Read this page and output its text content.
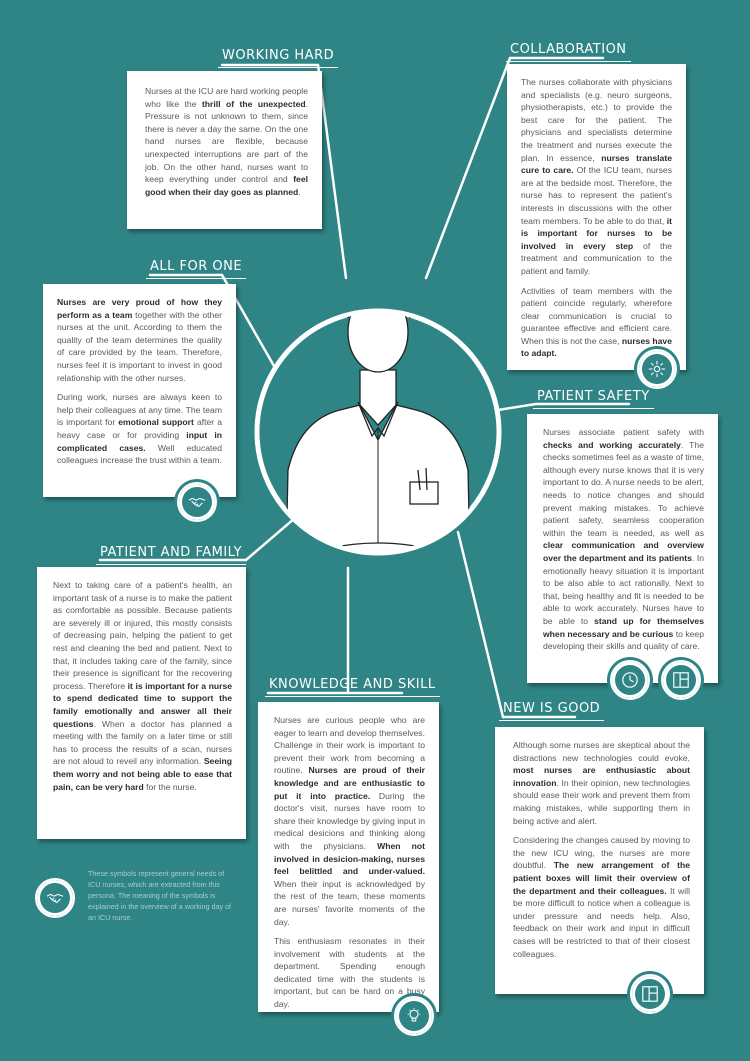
WORKING HARD

Nurses at the ICU are hard working people who like the thrill of the unexpected. Pressure is not unknown to them, since there is never a day the same. On the one hand nurses are flexible, because unexpected interruptions are part of the job. On the other hand, nurses want to keep everything under control and feel good when their day goes as planned.

COLLABORATION

The nurses collaborate with physicians and specialists (e.g. neuro surgeons, physiotherapists, etc.) to provide the best care for the patient. The physicians and specialists determine the treatment and nurses execute the plan. In essence, nurses translate cure to care. Of the ICU team, nurses are at the bedside most. Therefore, the nurse has to represent the patient's interests in discussions with the other team members. To be able to do that, it is important for nurses to be involved in every step of the treatment and communication to the patient and family.

Activities of team members with the patient coincide regularly, wherefore clear communication is crucial to guarantee effective and efficient care. When this is not the case, nurses have to adapt.

ALL FOR ONE

Nurses are very proud of how they perform as a team together with the other nurses at the unit. According to them the quality of the team determines the quality of care provided by the team. Therefore, nurses feel it is important to invest in good relationship with the other nurses.

During work, nurses are always keen to help their colleagues at any time. The team is important for emotional support after a heavy case or for providing input in complicated cases. Well educated colleagues increase the trust within a team.

PATIENT SAFETY

Nurses associate patient safety with checks and working accurately. The checks sometimes feel as a waste of time, although every nurse knows that it is very important to do. A nurse needs to be alert, needs to notice changes and should prevent making mistakes. To achieve patient safety, seamless cooperation within the team is needed, as well as clear communication and overview over the department and its patients. In emotionally heavy situation it is important to be also able to act rationally. Next to that, being healthy and fit is needed to be able to work accurately. Nurses have to be able to stand up for themselves when necessary and be curious to keep developing their skills and quality of care.

PATIENT AND FAMILY

Next to taking care of a patient's health, an important task of a nurse is to make the patient as comfortable as possible. Because patients are severely ill or injured, this mostly consists of decreasing pain, helping the patient to get rest and cleaning the bed and patient. Next to that, it includes taking care of the family, since their presence is significant for the recovering process. Therefore it is important for a nurse to spend dedicated time to support the family emotionally and answer all their questions. When a doctor has planned a meeting with the family on a later time or still has to process the results of a scan, nurses are not aloud to reveil any information. Seeing them worry and not being able to ease that pain, can be very hard for the nurse.

KNOWLEDGE AND SKILL

Nurses are curious people who are eager to learn and develop themselves. Challenge in their work is important to prevent their work from becoming a routine. Nurses are proud of their knowledge and are enthusiastic to put it into practice. During the doctor's visit, nurses have room to share their knowledge by giving input in medical desicions and thinking along with the physicians. When not involved in desicion-making, nurses feel belittled and under-valued. When their input is acknowledged by the rest of the team, these moments are nurses' favorite moments of the day.

This enthusiasm resonates in their involvement with students at the department. Spending enough dedicated time with the students is important, but can be hard on a busy day.

NEW IS GOOD

Although some nurses are skeptical about the distractions new technologies could evoke, most nurses are enthusiastic about innovation. In their opinion, new technologies should ease their work and prevent them from making mistakes, while supporting them in being active and alert.

Considering the changes caused by moving to the new ICU wing, the nurses are more doubtful. The new arrangement of the patient boxes will limit their overview of the department and their colleagues. It will be more difficult to notice when a colleague is under pressure and needs help. Also, feedback on their work and input in difficult cases will be restricted to that of their closest colleagues.

These symbols represent general needs of ICU nurses, which are extracted from this persona. The meaning of the symbols is explained in the overview of a working day of an ICU nurse.
